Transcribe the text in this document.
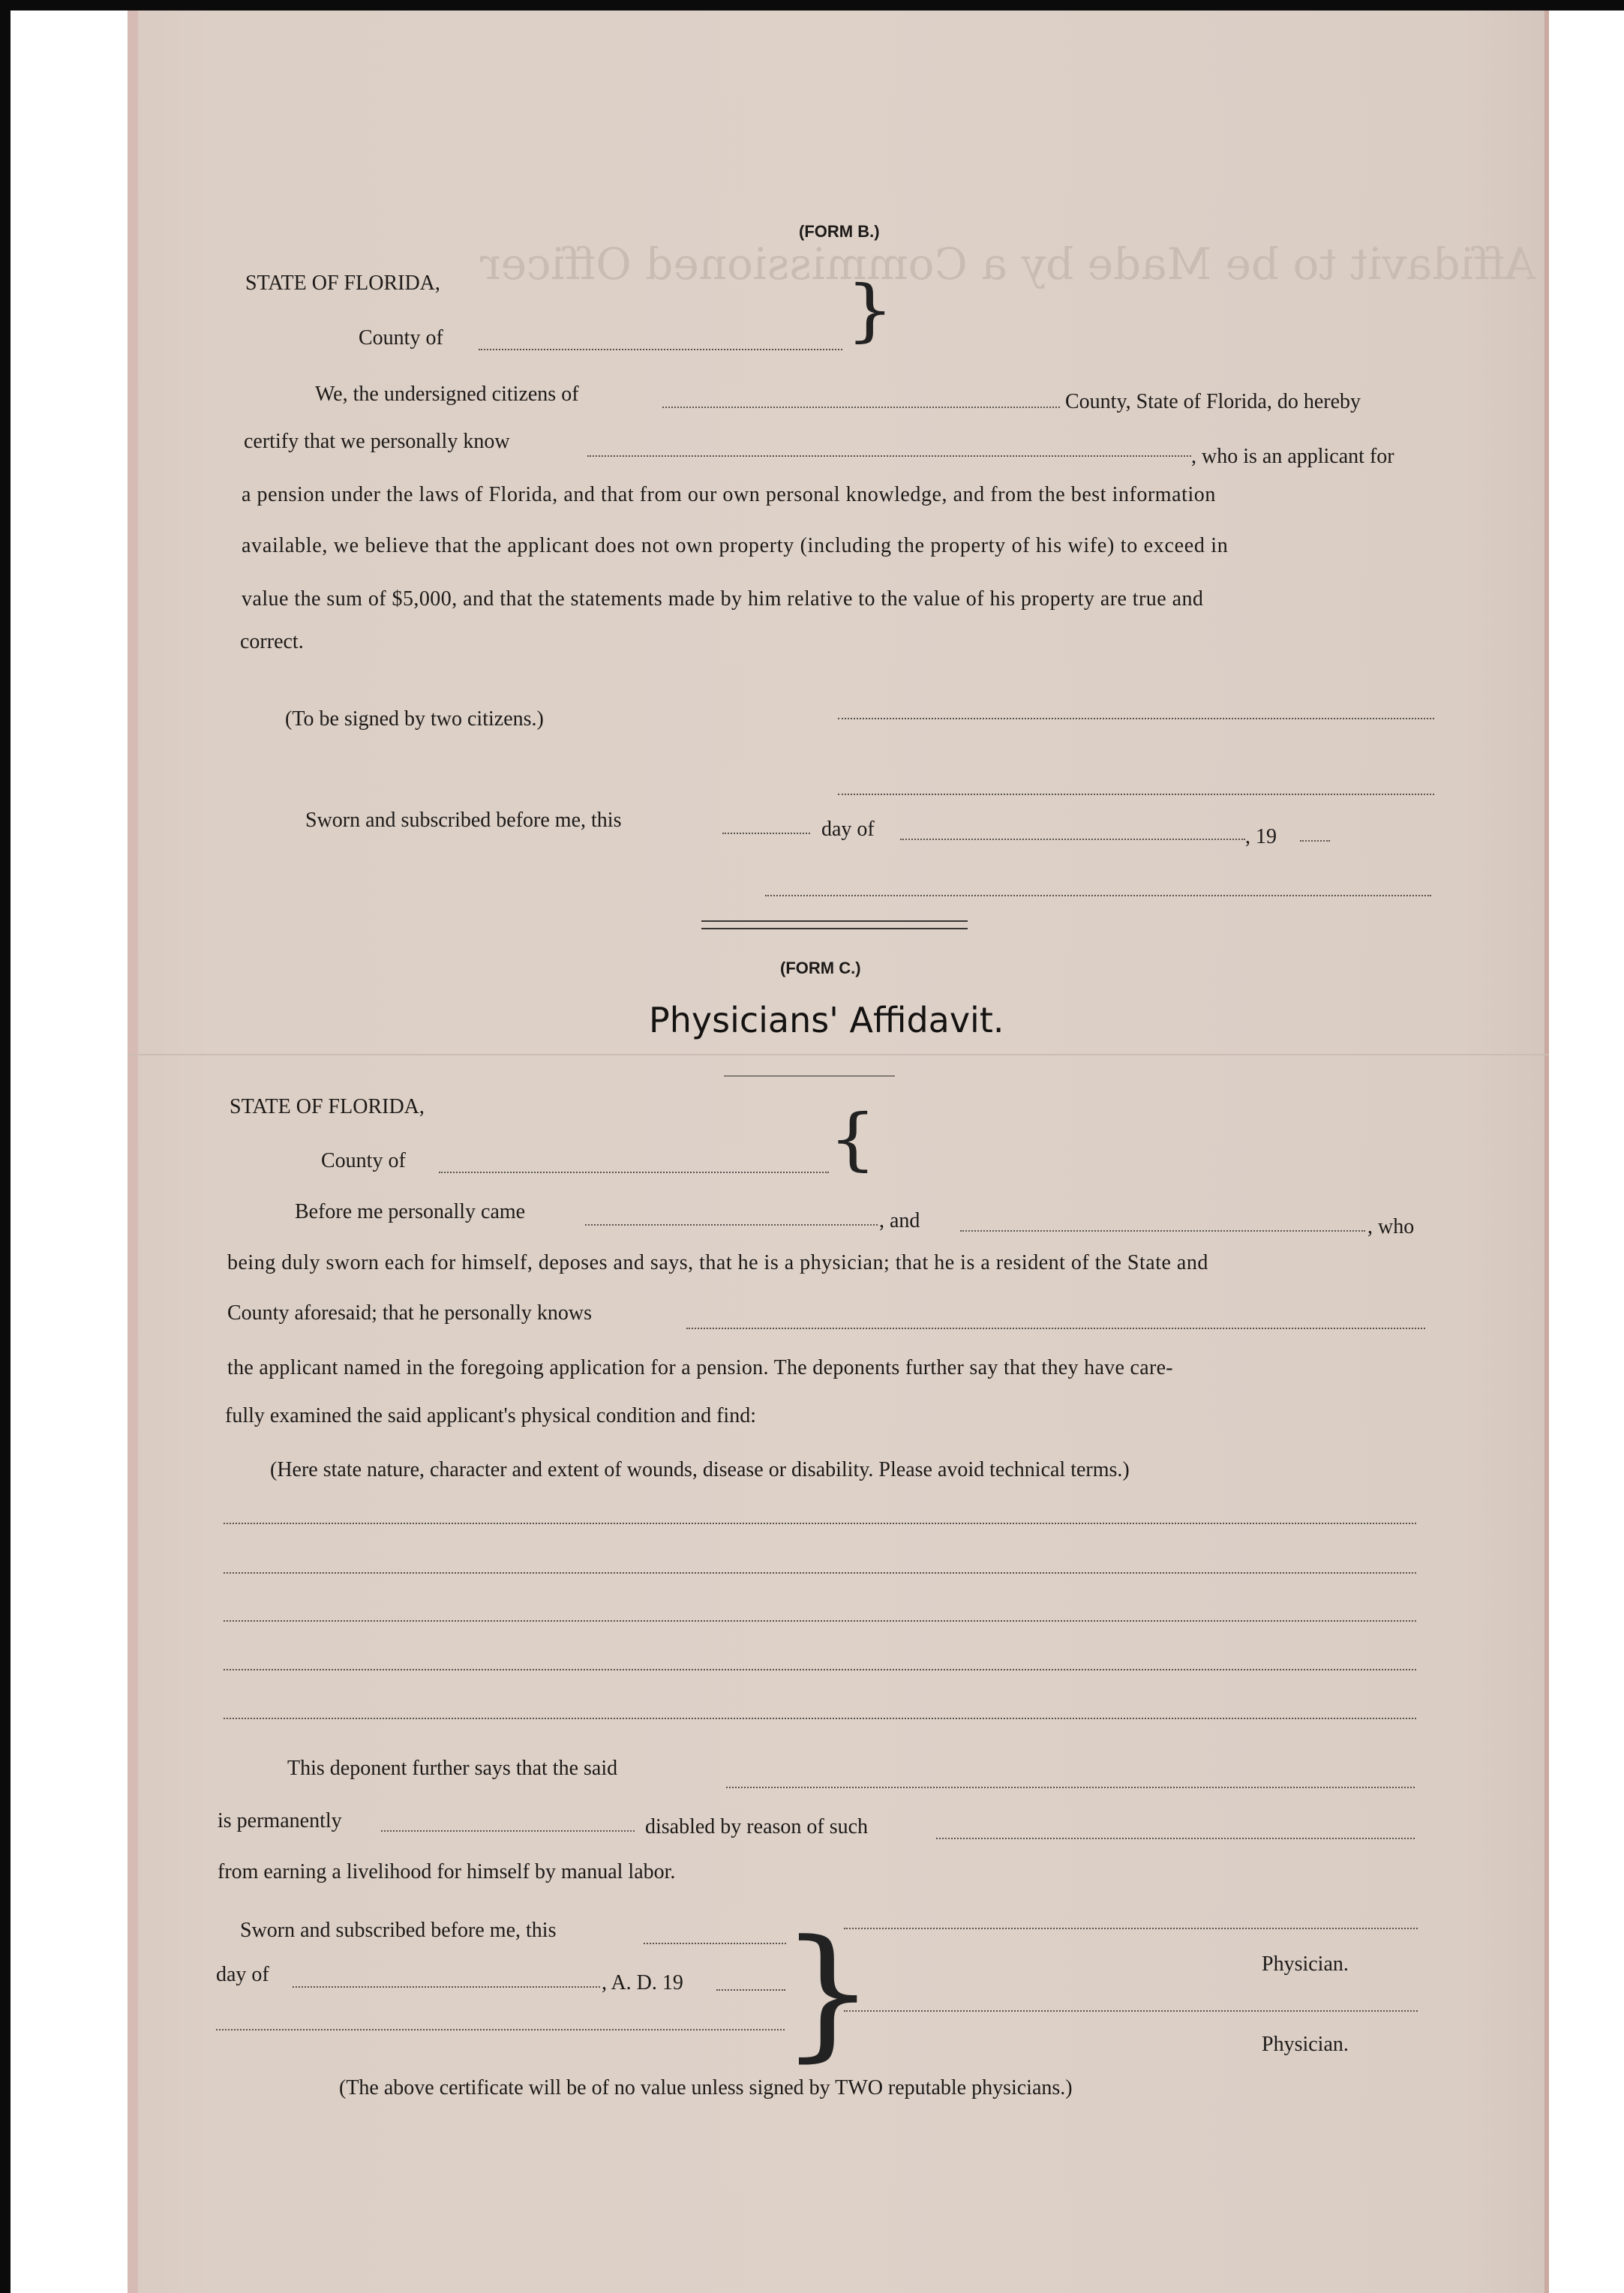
Affidavit to be Made by a Commissioned Officer
(FORM B.)
STATE OF FLORIDA,	}
County of
We, the undersigned citizens of	County, State of Florida, do hereby
certify that we personally know
, who is an applicant for
a pension under the laws of Florida, and that from our own personal knowledge, and from the best information
available, we believe that the applicant does not own property (including the property of his wife) to exceed in
value the sum of $5,000, and that the statements made by him relative to the value of his property are true and
correct.
(To be signed by two citizens.)
Sworn and subscribed before me, this	day of	, 19
(FORM C.)
Physicians' Affidavit.
STATE OF FLORIDA,	{
County of
Before me personally came	, and	, who
being duly sworn each for himself, deposes and says, that he is a physician; that he is a resident of the State and
County aforesaid; that he personally knows
the applicant named in the foregoing application for a pension. The deponents further say that they have care-
fully examined the said applicant's physical condition and find:
(Here state nature, character and extent of wounds, disease or disability. Please avoid technical terms.)
This deponent further says that the said
is permanently	disabled by reason of such
from earning a livelihood for himself by manual labor.
Sworn and subscribed before me, this
day of	, A. D. 19 }	Physician.
Physician.
(The above certificate will be of no value unless signed by TWO reputable physicians.)
